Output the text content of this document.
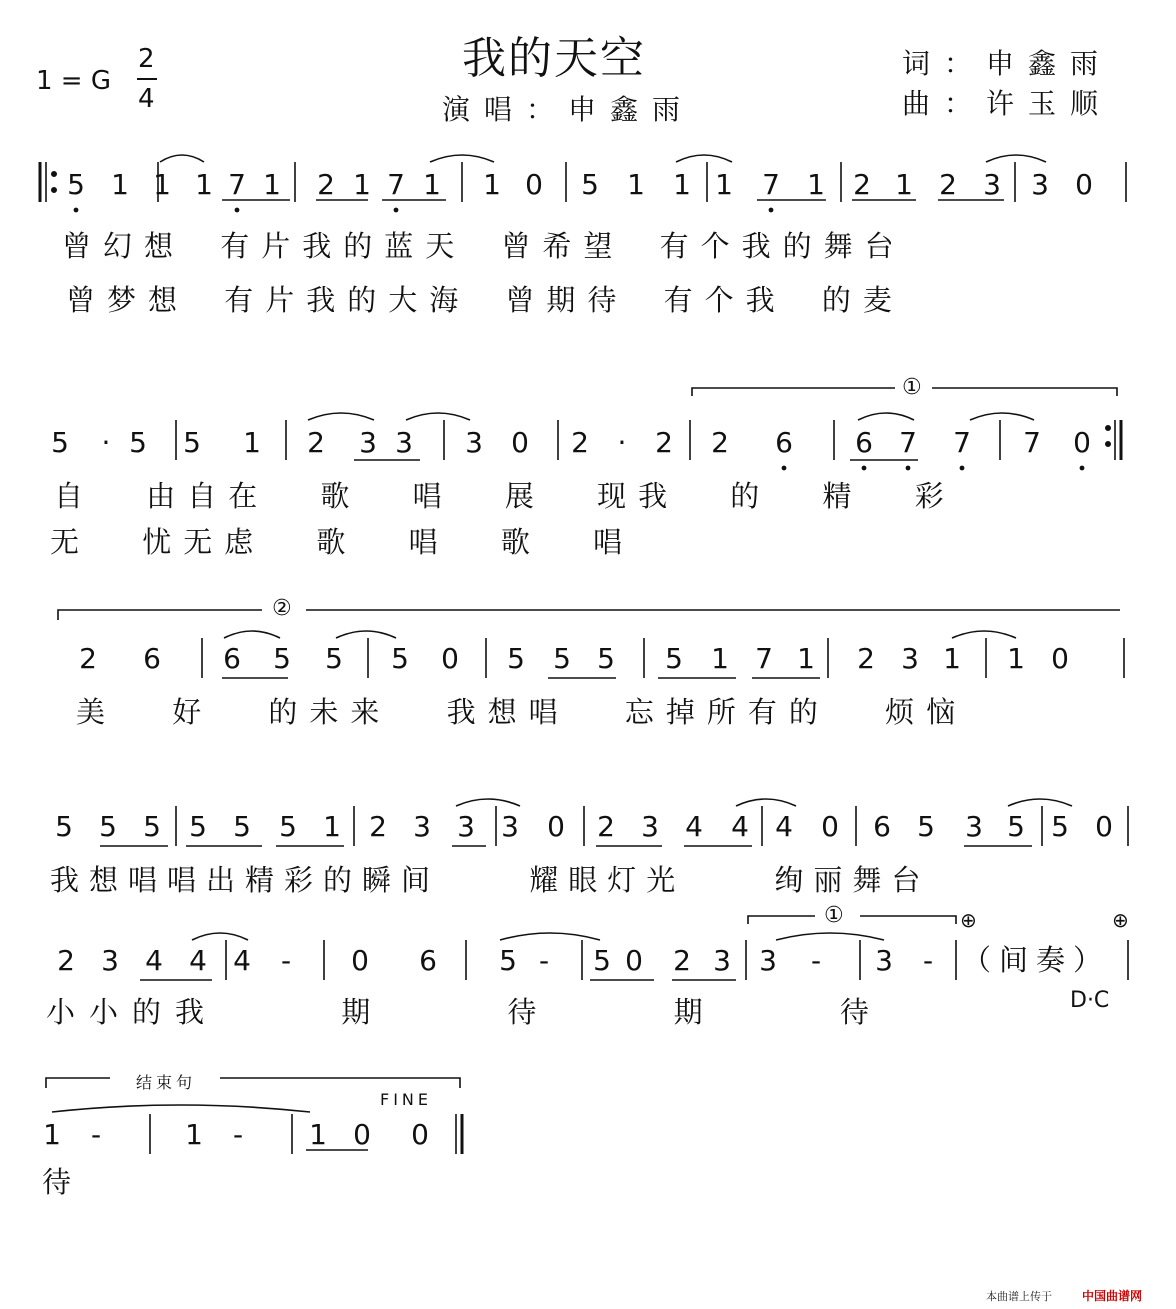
1 = G
2
4
我的天空
演唱：申鑫雨
词：申鑫雨
曲：许玉顺
5 1 1 1 7 1 2 1 7 1 1 0 5 1 1 1 7 1 2 1 2 3 3 0
5 · 5 5 1 2 3 3 3 0 2 · 2 2 6 6 7 7 7 0
2 6 6 5 5 5 0 5 5 5 5 1 7 1 2 3 1 1 0
5 5 5 5 5 5 1 2 3 3 3 0 2 3 4 4 4 0 6 5 3 5 5 0
2 3 4 4 4 - 0 6 5 - 5 0 2 3 3 - 3 -
1 -	1 - 1 0 0
①
②
①	⊕	⊕
（间奏）
D·C
结束句
FINE
曾幻想 有片我的蓝天 曾希望 有个我的舞台
曾梦想 有片我的大海 曾期待 有个我 的麦
自 由自在 歌 唱 展 现我 的 精 彩
无 忧无虑 歌 唱 歌 唱
美 好 的未来 我想唱 忘掉所有的 烦恼
我想唱唱出精彩的瞬间 耀眼灯光 绚丽舞台
小小的我 期 待 期 待
待
本曲谱上传于	中国曲谱网
